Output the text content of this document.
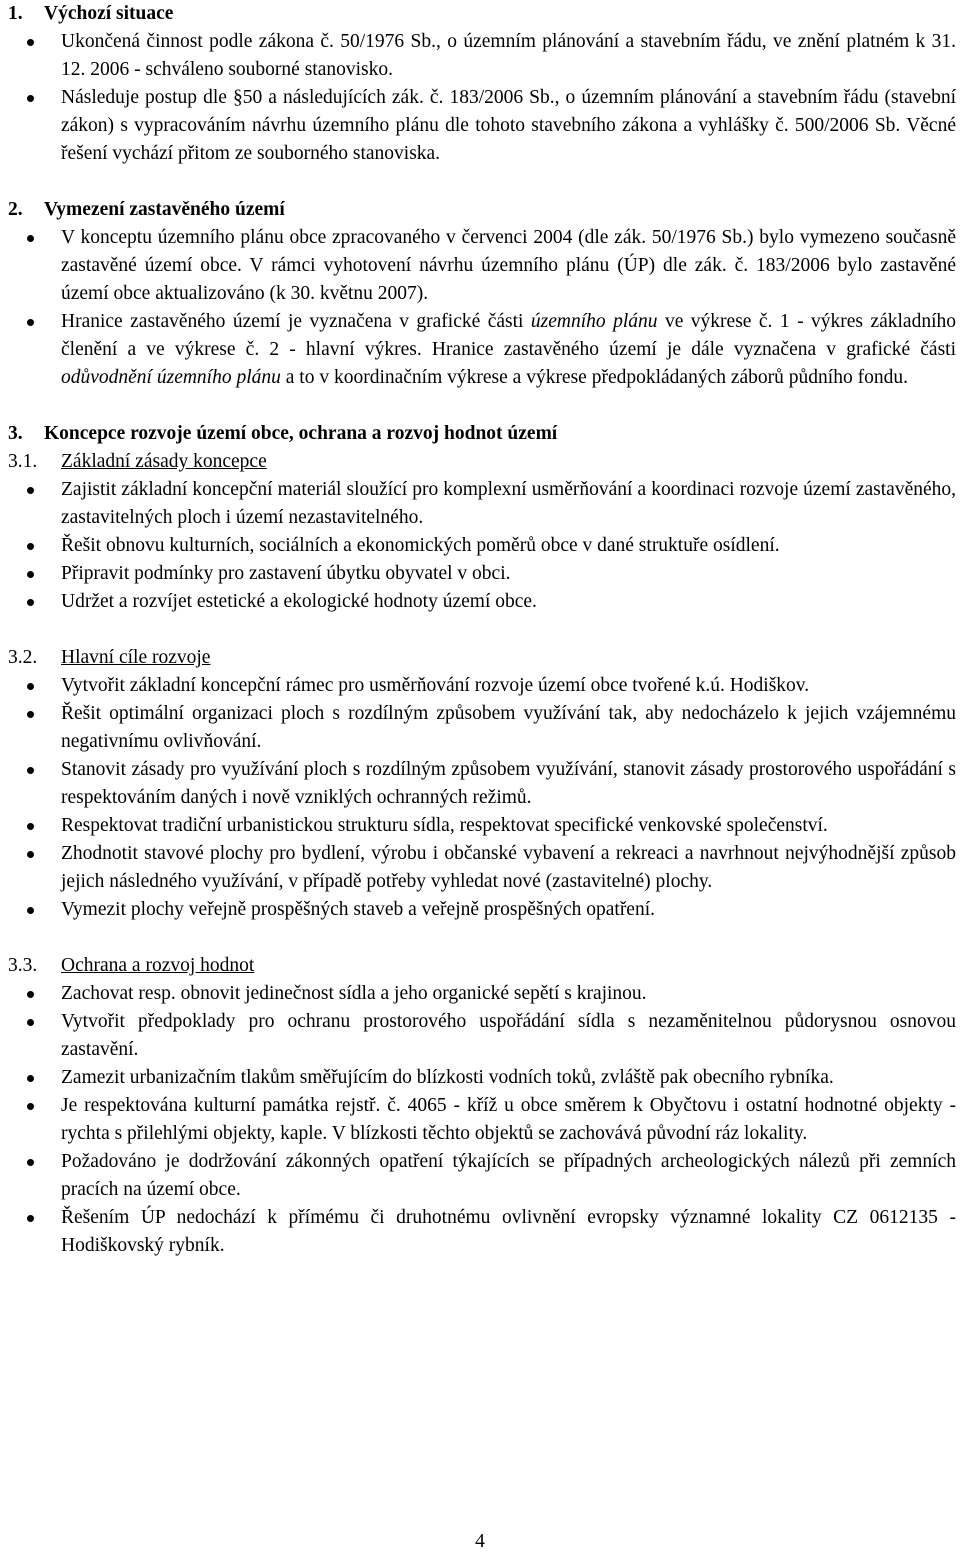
1. Výchozí situace

Ukončená činnost podle zákona č. 50/1976 Sb., o územním plánování a stavebním řádu, ve znění platném k 31. 12. 2006 - schváleno souborné stanovisko.
Následuje postup dle §50 a následujících zák. č. 183/2006 Sb., o územním plánování a stavebním řádu (stavební zákon) s vypracováním návrhu územního plánu dle tohoto stavebního zákona a vyhlášky č. 500/2006 Sb. Věcné řešení vychází přitom ze souborného stanoviska.

2. Vymezení zastavěného území

V konceptu územního plánu obce zpracovaného v červenci 2004 (dle zák. 50/1976 Sb.) bylo vymezeno současně zastavěné území obce. V rámci vyhotovení návrhu územního plánu (ÚP) dle zák. č. 183/2006 bylo zastavěné území obce aktualizováno (k 30. květnu 2007).
Hranice zastavěného území je vyznačena v grafické části územního plánu ve výkrese č. 1 - výkres základního členění a ve výkrese č. 2 - hlavní výkres. Hranice zastavěného území je dále vyznačena v grafické části odůvodnění územního plánu a to v koordinačním výkrese a výkrese předpokládaných záborů půdního fondu.

3. Koncepce rozvoje území obce, ochrana a rozvoj hodnot území

3.1. Základní zásady koncepce

Zajistit základní koncepční materiál sloužící pro komplexní usměrňování a koordinaci rozvoje území zastavěného, zastavitelných ploch i území nezastavitelného.
Řešit obnovu kulturních, sociálních a ekonomických poměrů obce v dané struktuře osídlení.
Připravit podmínky pro zastavení úbytku obyvatel v obci.
Udržet a rozvíjet estetické a ekologické hodnoty území obce.

3.2. Hlavní cíle rozvoje

Vytvořit základní koncepční rámec pro usměrňování rozvoje území obce tvořené k.ú. Hodiškov.
Řešit optimální organizaci ploch s rozdílným způsobem využívání tak, aby nedocházelo k jejich vzájemnému negativnímu ovlivňování.
Stanovit zásady pro využívání ploch s rozdílným způsobem využívání, stanovit zásady prostorového uspořádání s respektováním daných i nově vzniklých ochranných režimů.
Respektovat tradiční urbanistickou strukturu sídla, respektovat specifické venkovské společenství.
Zhodnotit stavové plochy pro bydlení, výrobu i občanské vybavení a rekreaci a navrhnout nejvýhodnější způsob jejich následného využívání, v případě potřeby vyhledat nové (zastavitelné) plochy.
Vymezit plochy veřejně prospěšných staveb a veřejně prospěšných opatření.

3.3. Ochrana a rozvoj hodnot

Zachovat resp. obnovit jedinečnost sídla a jeho organické sepětí s krajinou.
Vytvořit předpoklady pro ochranu prostorového uspořádání sídla s nezaměnitelnou půdorysnou osnovou zastavění.
Zamezit urbanizačním tlakům směřujícím do blízkosti vodních toků, zvláště pak obecního rybníka.
Je respektována kulturní památka rejstř. č. 4065 - kříž u obce směrem k Obyčtovu i ostatní hodnotné objekty - rychta s přilehlými objekty, kaple. V blízkosti těchto objektů se zachovává původní ráz lokality.
Požadováno je dodržování zákonných opatření týkajících se případných archeologických nálezů při zemních pracích na území obce.
Řešením ÚP nedochází k přímému či druhotnému ovlivnění evropsky významné lokality CZ 0612135 - Hodiškovský rybník.
4
